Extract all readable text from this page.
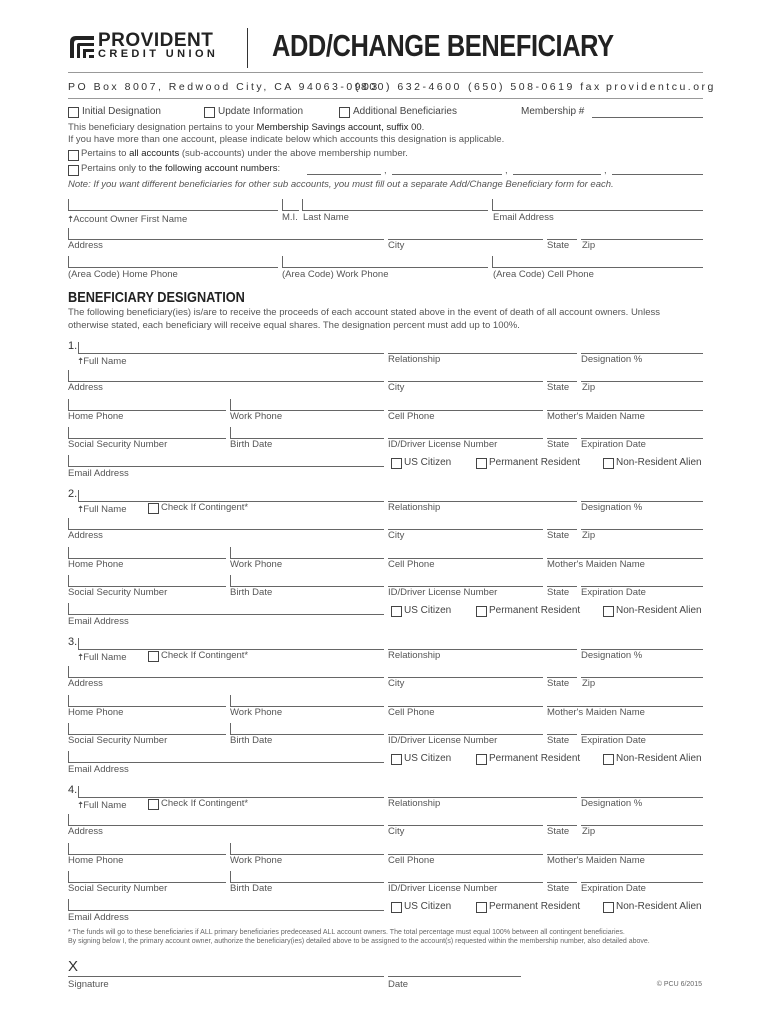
PROVIDENT
CREDIT UNION ADD/CHANGE BENEFICIARY
PO Box 8007, Redwood City, CA 94063-0903
(800) 632-4600 (650) 508-0619 fax providentcu.org
Initial Designation	Update Information	Additional Beneficiaries	Membership #
This beneficiary designation pertains to your Membership Savings account, suffix 00.
If you have more than one account, please indicate below which accounts this designation is applicable.
Pertains to all accounts (sub-accounts) under the above membership number.
Pertains only to the following account numbers:	,	,	,
Note: If you want different beneficiaries for other sub accounts, you must fill out a separate Add/Change Beneficiary form for each.
🠅Account Owner First Name	M.I. Last Name	Email Address
Address	City	State Zip
(Area Code) Home Phone	(Area Code) Work Phone	(Area Code) Cell Phone
BENEFICIARY DESIGNATION
The following beneficiary(ies) is/are to receive the proceeds of each account stated above in the event of death of all account owners. Unless
otherwise stated, each beneficiary will receive equal shares. The designation percent must add up to 100%.
1.
🠅Full Name	Relationship	Designation %
Address	City	State Zip
Home Phone	Work Phone	Cell Phone	Mother's Maiden Name
Social Security Number	Birth Date	ID/Driver License Number	State Expiration Date
Email Address
US Citizen	Permanent Resident	Non-Resident Alien
2.
🠅Full Name	Check If Contingent*	Relationship	Designation %
Address	City	State Zip
Home Phone	Work Phone	Cell Phone	Mother's Maiden Name
Social Security Number	Birth Date	ID/Driver License Number	State Expiration Date
Email Address
US Citizen	Permanent Resident	Non-Resident Alien
3.
🠅Full Name	Check If Contingent*	Relationship	Designation %
Address	City	State Zip
Home Phone	Work Phone	Cell Phone	Mother's Maiden Name
Social Security Number	Birth Date	ID/Driver License Number	State Expiration Date
Email Address
US Citizen	Permanent Resident	Non-Resident Alien
4.
🠅Full Name	Check If Contingent*	Relationship	Designation %
Address	City	State Zip
Home Phone	Work Phone	Cell Phone	Mother's Maiden Name
Social Security Number	Birth Date	ID/Driver License Number	State Expiration Date
Email Address
US Citizen	Permanent Resident	Non-Resident Alien
* The funds will go to these beneficiaries if ALL primary beneficiaries predeceased ALL account owners. The total percentage must equal 100% between all contingent beneficiaries.
By signing below I, the primary account owner, authorize the beneficiary(ies) detailed above to be assigned to the account(s) requested within the membership number, also detailed above.
X
Signature	Date	© PCU 6/2015
